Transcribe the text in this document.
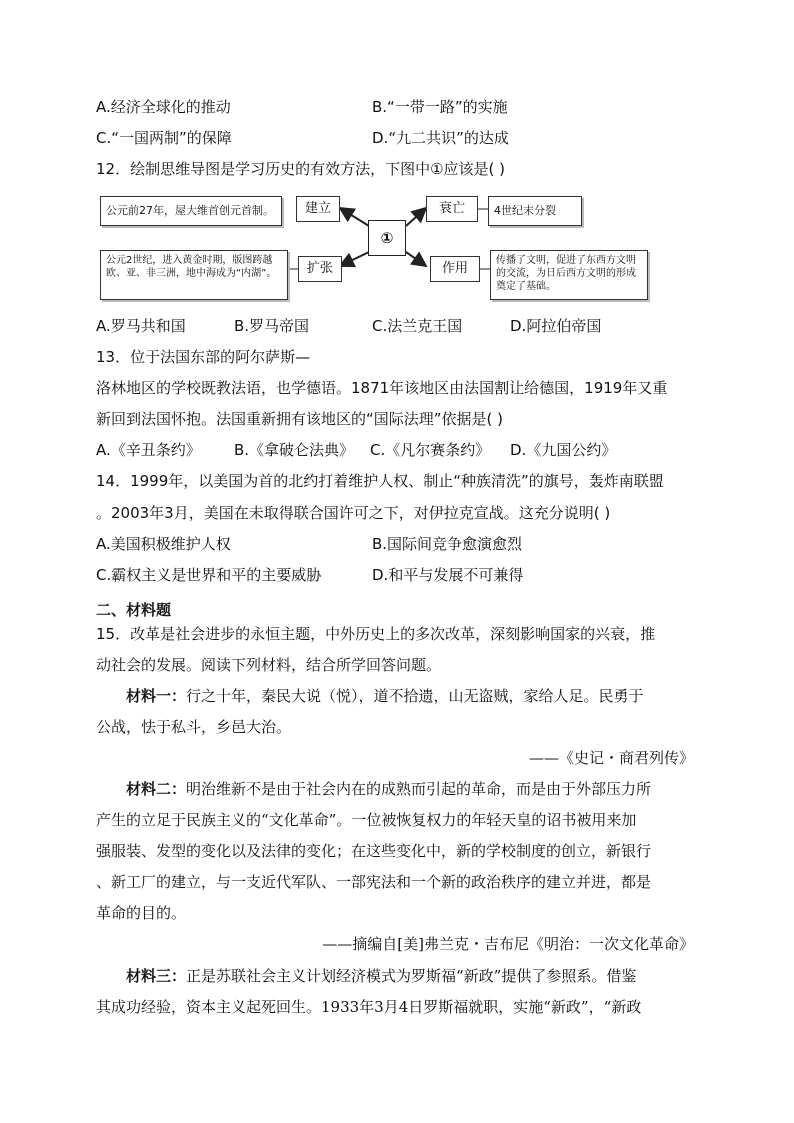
A.经济全球化的推动	B.“一带一路”的实施
C.“一国两制”的保障	D.“九二共识”的达成
12．绘制思维导图是学习历史的有效方法，下图中①应该是( )
公元前27年，屋大维首创元首制。	建立
①
衰亡	4世纪末分裂
公元2世纪，进入黄金时期，版图跨越欧、亚、非三洲，地中海成为“内湖”。	扩张	作用
传播了文明，促进了东西方文明的交流，为日后西方文明的形成奠定了基础。
A.罗马共和国	B.罗马帝国	C.法兰克王国	D.阿拉伯帝国
13．位于法国东部的阿尔萨斯—
洛林地区的学校既教法语，也学德语。1871年该地区由法国割让给德国，1919年又重
新回到法国怀抱。法国重新拥有该地区的“国际法理”依据是( )
A.《辛丑条约》 B.《拿破仑法典》 C.《凡尔赛条约》 D.《九国公约》
14．1999年，以美国为首的北约打着维护人权、制止“种族清洗”的旗号，轰炸南联盟
。2003年3月，美国在未取得联合国许可之下，对伊拉克宣战。这充分说明( )
A.美国积极维护人权	B.国际间竞争愈演愈烈
C.霸权主义是世界和平的主要威胁	D.和平与发展不可兼得
二、材料题
15．改革是社会进步的永恒主题，中外历史上的多次改革，深刻影响国家的兴衰，推
动社会的发展。阅读下列材料，结合所学回答问题。
材料一：行之十年，秦民大说（悦），道不拾遗，山无盗贼，家给人足。民勇于
公战，怯于私斗，乡邑大治。
——《史记・商君列传》
材料二：明治维新不是由于社会内在的成熟而引起的革命，而是由于外部压力所
产生的立足于民族主义的“文化革命”。一位被恢复权力的年轻天皇的诏书被用来加
强服装、发型的变化以及法律的变化；在这些变化中，新的学校制度的创立，新银行
、新工厂的建立，与一支近代军队、一部宪法和一个新的政治秩序的建立并进，都是
革命的目的。
——摘编自[美]弗兰克・吉布尼《明治：一次文化革命》
材料三：正是苏联社会主义计划经济模式为罗斯福“新政”提供了参照系。借鉴
其成功经验，资本主义起死回生。1933年3月4日罗斯福就职，实施“新政”，“新政
